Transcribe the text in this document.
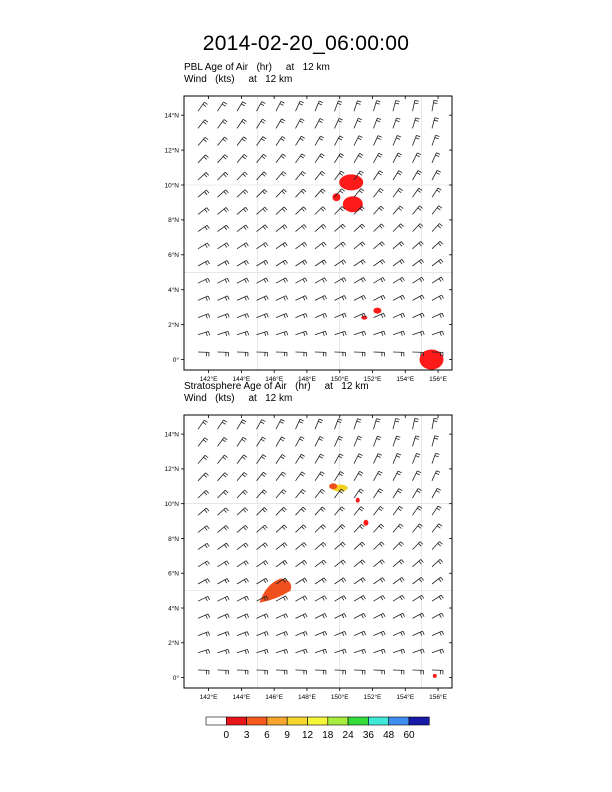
2014-02-20_06:00:00
PBL Age of Air   (hr)     at   12 km
Wind   (kts)     at   12 km
Stratosphere Age of Air   (hr)     at   12 km
Wind   (kts)     at   12 km
0°
2°N
4°N
6°N
8°N
10°N
12°N
14°N
142°E 144°E 146°E 148°E 150°E 152°E 154°E 156°E
0°
2°N
4°N
6°N
8°N
10°N
12°N
14°N
142°E 144°E 146°E 148°E 150°E 152°E 154°E 156°E
0 3 6 9 12 18 24 36 48 60
